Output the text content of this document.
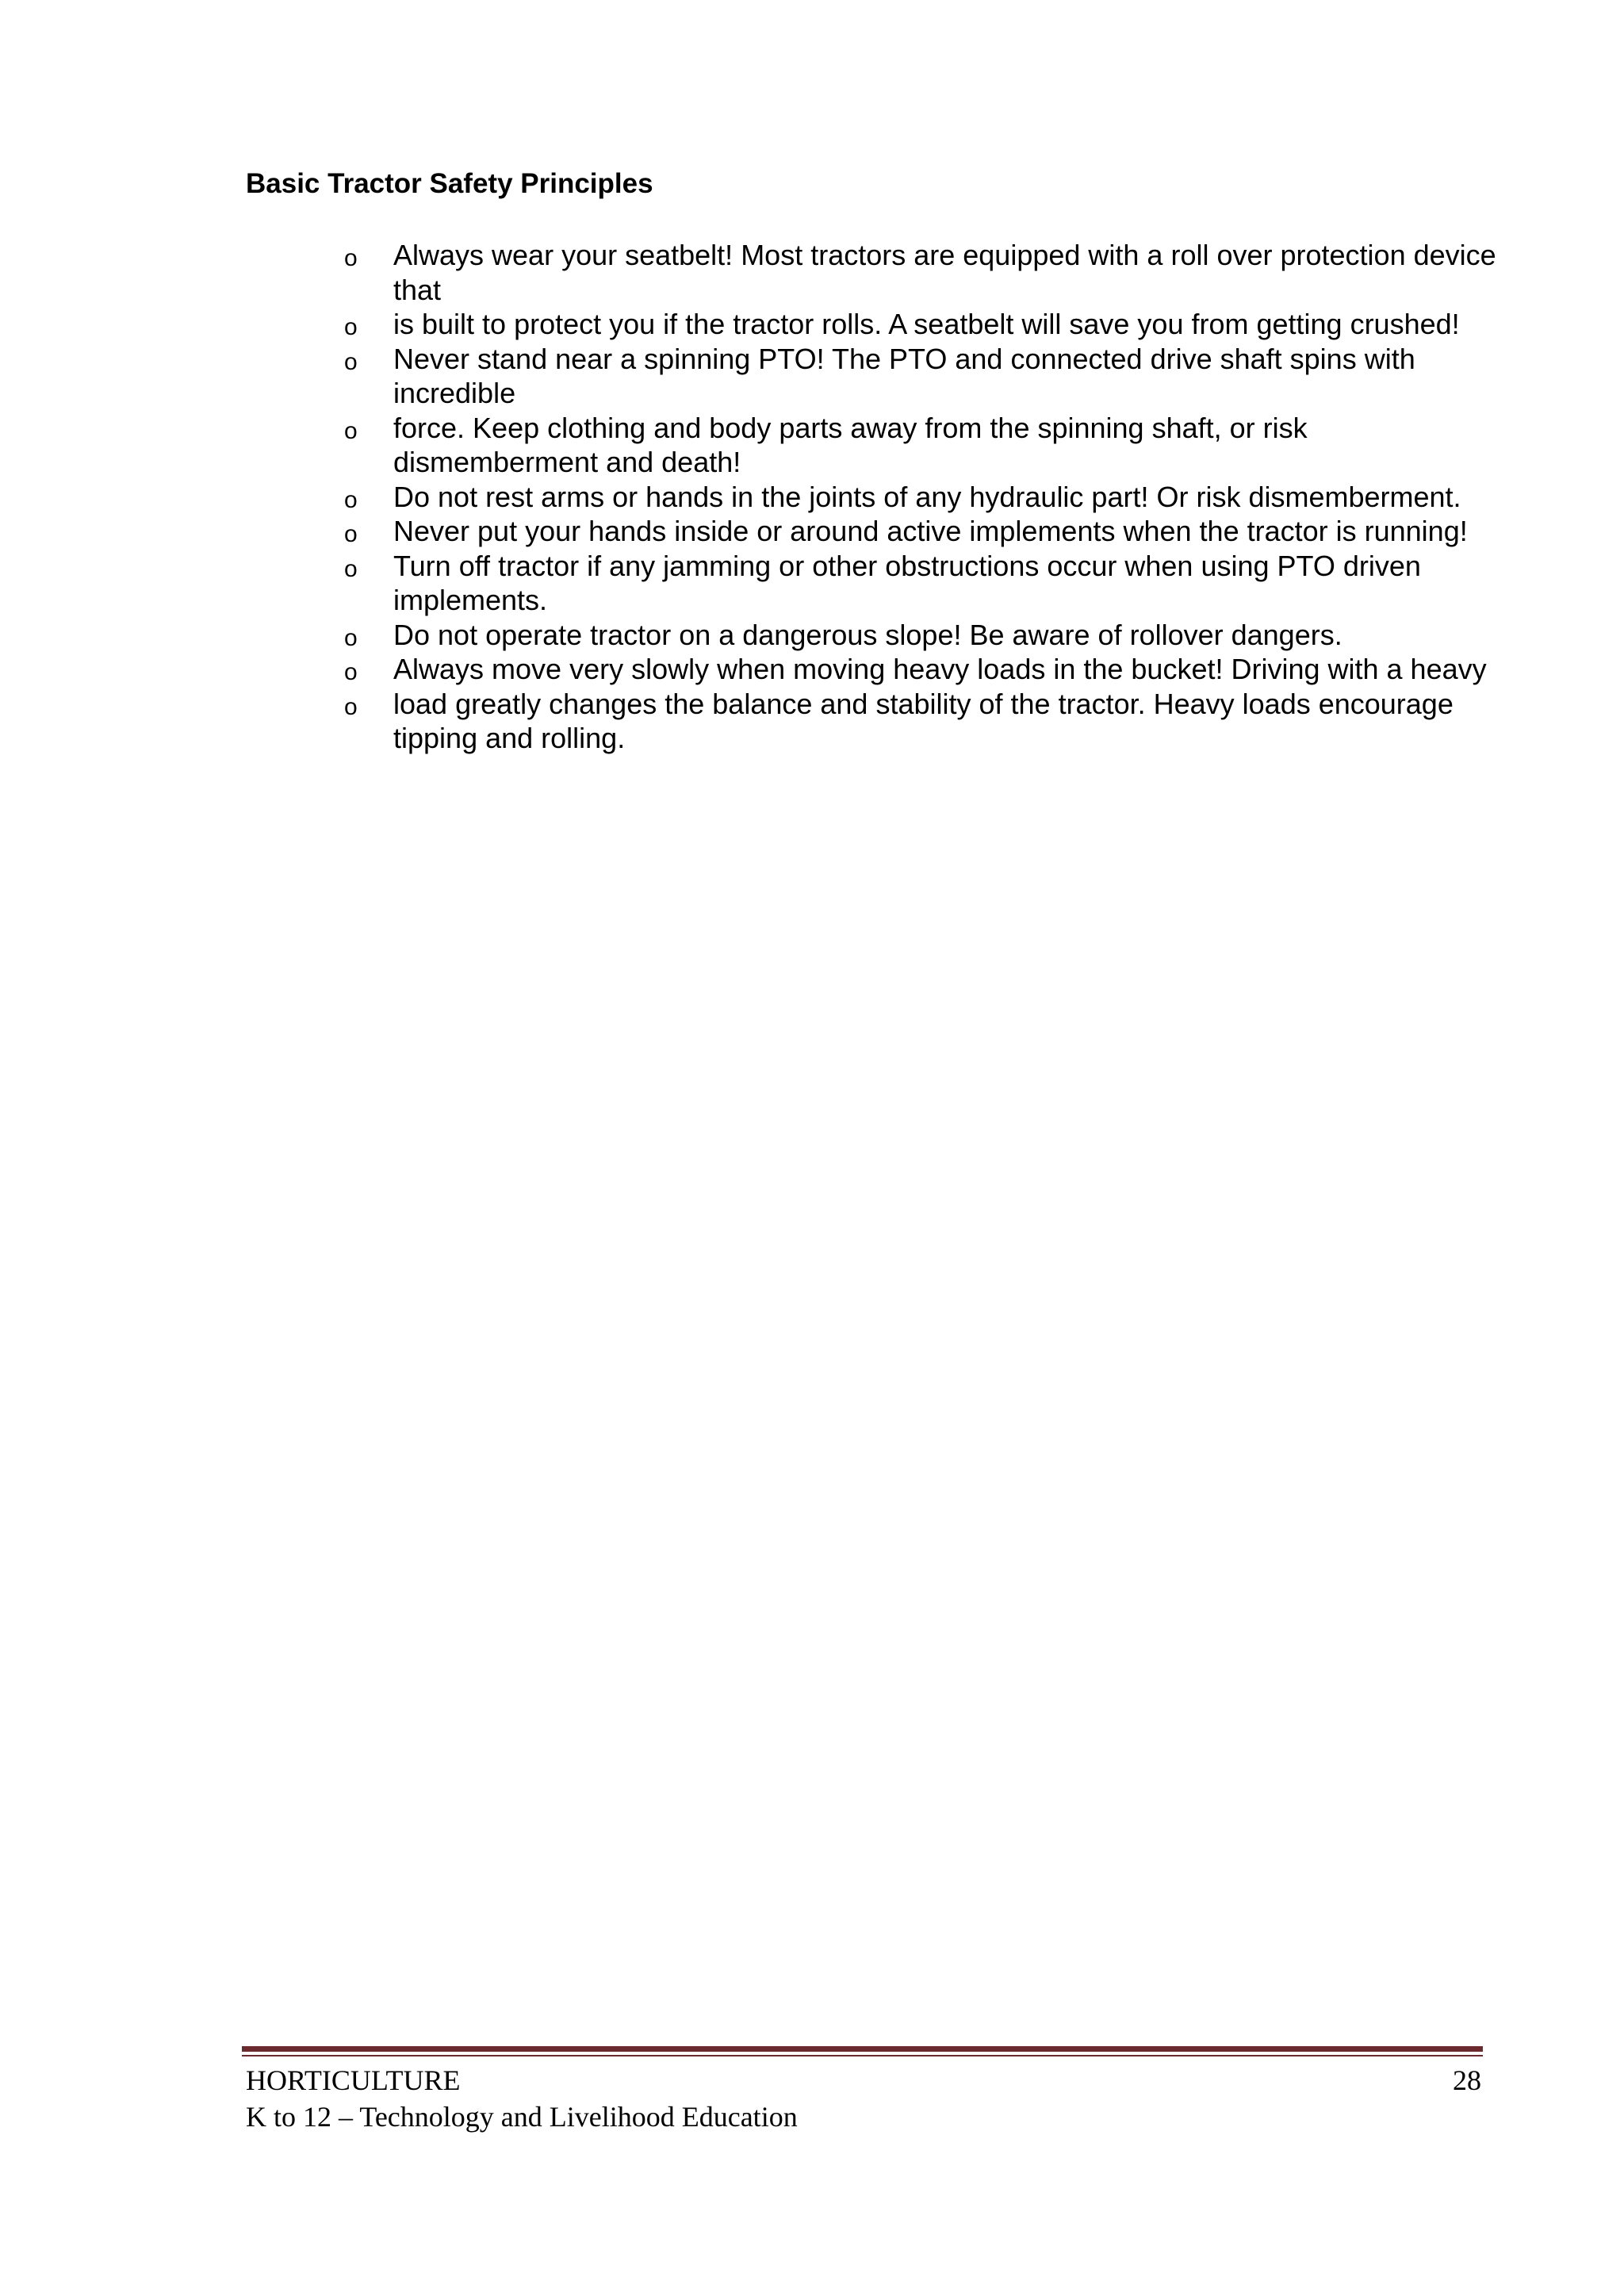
Basic Tractor Safety Principles
o Always wear your seatbelt! Most tractors are equipped with a roll over protection device that
o is built to protect you if the tractor rolls. A seatbelt will save you from getting crushed!
o Never stand near a spinning PTO! The PTO and connected drive shaft spins with incredible
o force. Keep clothing and body parts away from the spinning shaft, or risk dismemberment and death!
o Do not rest arms or hands in the joints of any hydraulic part! Or risk dismemberment.
o Never put your hands inside or around active implements when the tractor is running!
o Turn off tractor if any jamming or other obstructions occur when using PTO driven implements.
o Do not operate tractor on a dangerous slope! Be aware of rollover dangers.
o Always move very slowly when moving heavy loads in the bucket! Driving with a heavy
o load greatly changes the balance and stability of the tractor. Heavy loads encourage tipping and rolling.
HORTICULTURE	28
K to 12 – Technology and Livelihood Education
